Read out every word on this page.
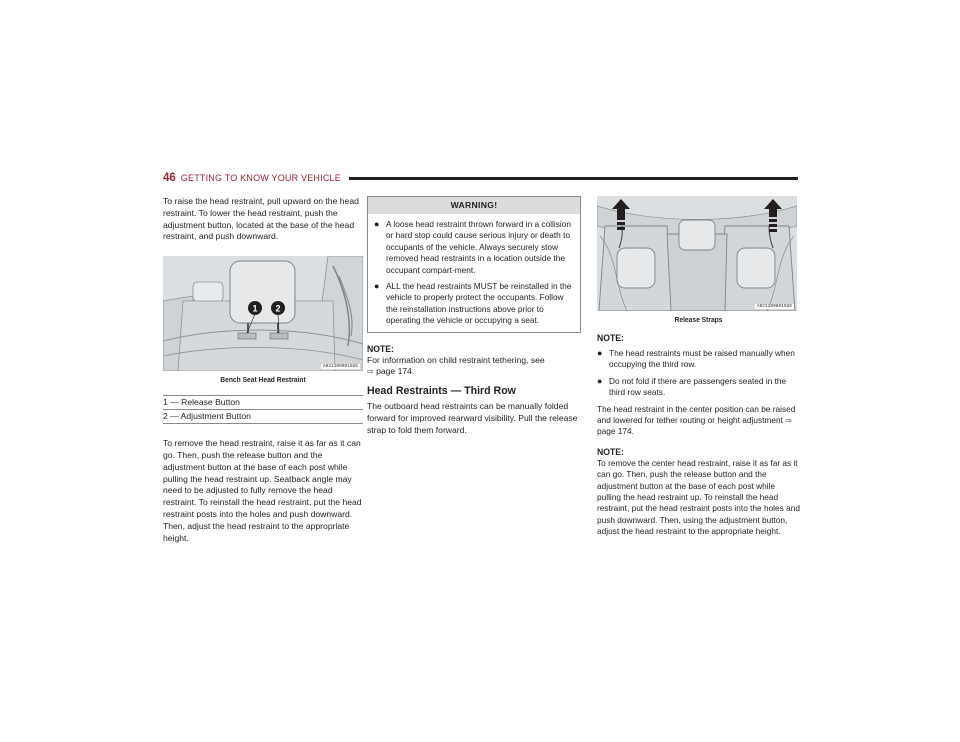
46 GETTING TO KNOW YOUR VEHICLE

To raise the head restraint, pull upward on the head restraint. To lower the head restraint, push the adjustment button, located at the base of the head restraint, and push downward.

1 2
A0212000018US
Bench Seat Head Restraint
1 — Release Button
2 — Adjustment Button

To remove the head restraint, raise it as far as it can go. Then, push the release button and the adjustment button at the base of each post while pulling the head restraint up. Seatback angle may need to be adjusted to fully remove the head restraint. To reinstall the head restraint, put the head restraint posts into the holes and push downward. Then, adjust the head restraint to the appropriate height.

WARNING!
● A loose head restraint thrown forward in a collision or hard stop could cause serious injury or death to occupants of the vehicle. Always securely stow removed head restraints in a location outside the occupant compart-ment.
● ALL the head restraints MUST be reinstalled in the vehicle to properly protect the occupants. Follow the reinstallation instructions above prior to operating the vehicle or occupying a seat.
NOTE:

For information on child restraint tethering, see
⇨ page 174.

Head Restraints — Third Row

The outboard head restraints can be manually folded forward for improved rearward visibility. Pull the release strap to fold them forward.

A0212000015US
Release Straps
NOTE:
● The head restraints must be raised manually when occupying the third row.
● Do not fold if there are passengers seated in the third row seats.

The head restraint in the center position can be raised and lowered for tether routing or height adjustment ⇨ page 174.

NOTE:

To remove the center head restraint, raise it as far as it can go. Then, push the release button and the adjustment button at the base of each post while pulling the head restraint up. To reinstall the head restraint, put the head restraint posts into the holes and push downward. Then, using the adjustment button, adjust the head restraint to the appropriate height.
